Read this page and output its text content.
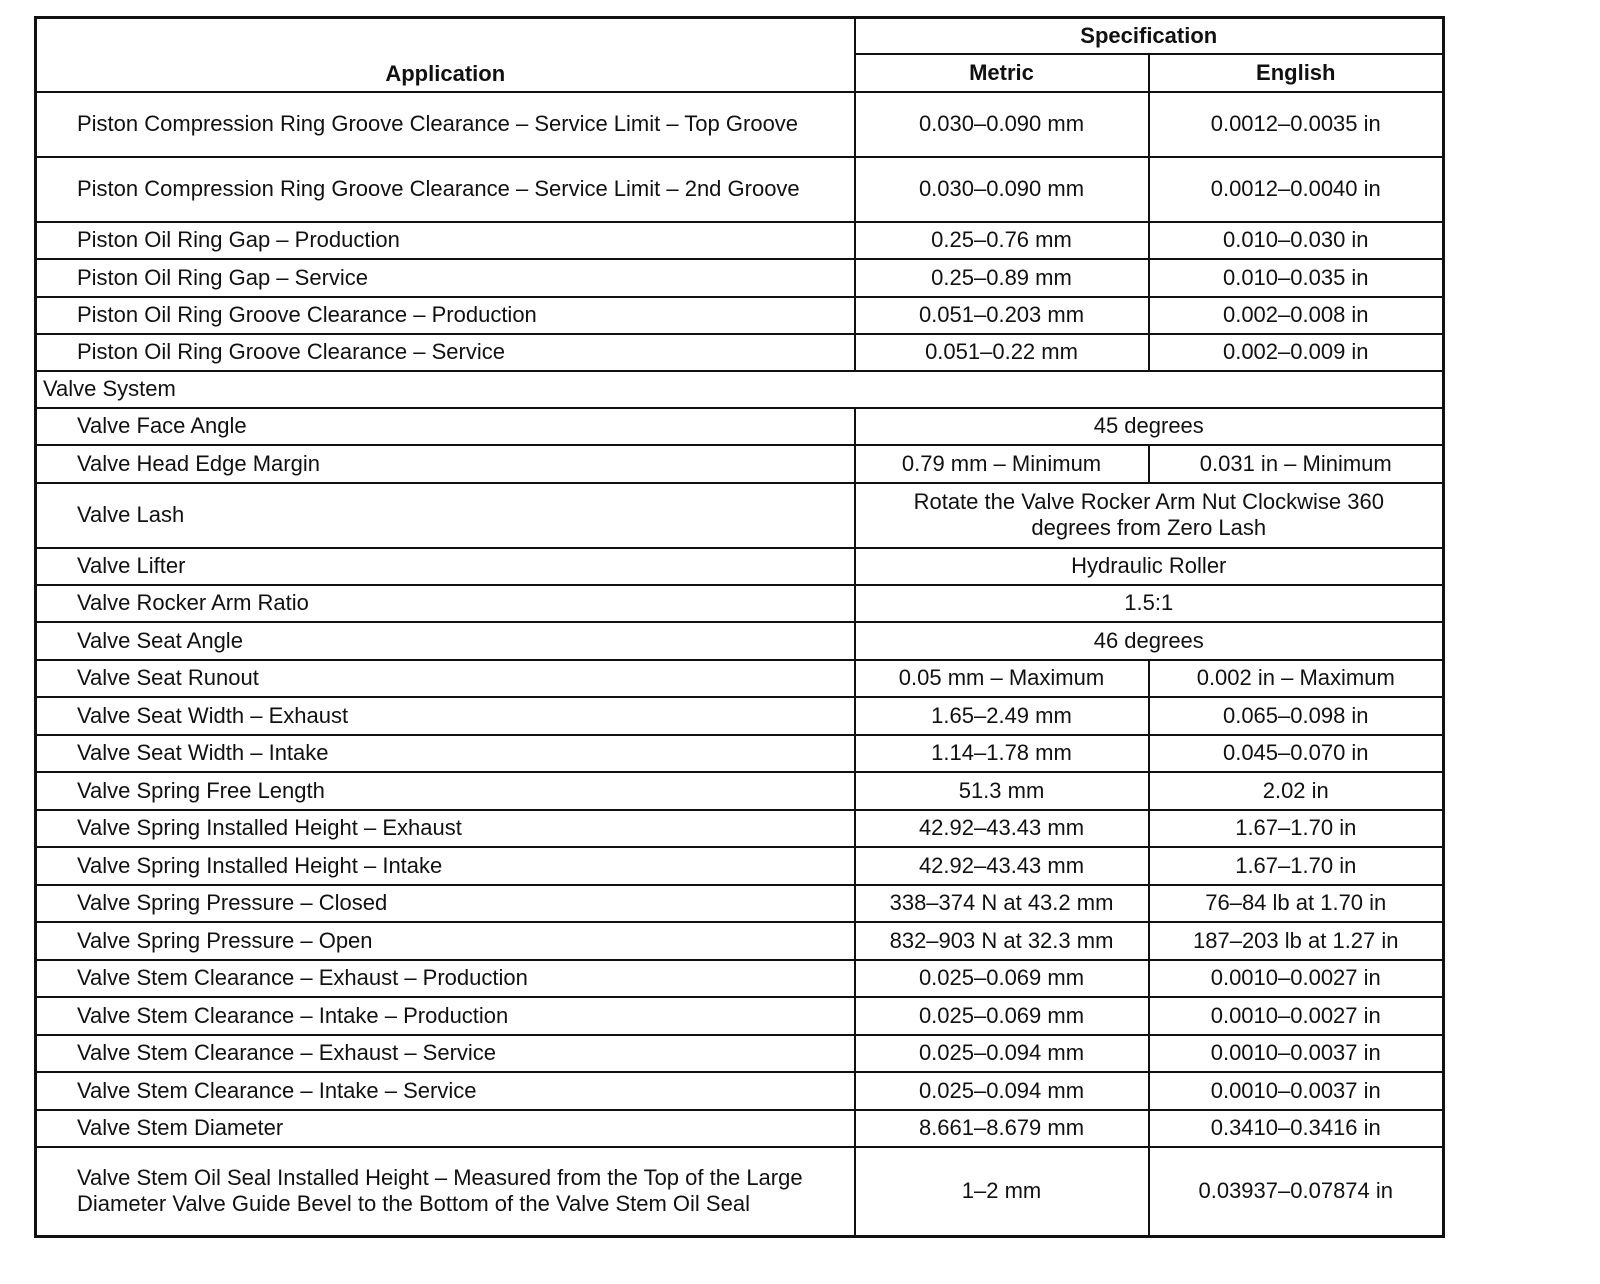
Application	Specification	
	Metric	English
Piston Compression Ring Groove Clearance – Service Limit – Top Groove	0.030–0.090 mm	0.0012–0.0035 in
Piston Compression Ring Groove Clearance – Service Limit – 2nd Groove	0.030–0.090 mm	0.0012–0.0040 in
Piston Oil Ring Gap – Production	0.25–0.76 mm	0.010–0.030 in
Piston Oil Ring Gap – Service	0.25–0.89 mm	0.010–0.035 in
Piston Oil Ring Groove Clearance – Production	0.051–0.203 mm	0.002–0.008 in
Piston Oil Ring Groove Clearance – Service	0.051–0.22 mm	0.002–0.009 in
Valve System		
Valve Face Angle	45 degrees	
Valve Head Edge Margin	0.79 mm – Minimum	0.031 in – Minimum
Valve Lash	Rotate the Valve Rocker Arm Nut Clockwise 360 degrees from Zero Lash	
Valve Lifter	Hydraulic Roller	
Valve Rocker Arm Ratio	1.5:1	
Valve Seat Angle	46 degrees	
Valve Seat Runout	0.05 mm – Maximum	0.002 in – Maximum
Valve Seat Width – Exhaust	1.65–2.49 mm	0.065–0.098 in
Valve Seat Width – Intake	1.14–1.78 mm	0.045–0.070 in
Valve Spring Free Length	51.3 mm	2.02 in
Valve Spring Installed Height – Exhaust	42.92–43.43 mm	1.67–1.70 in
Valve Spring Installed Height – Intake	42.92–43.43 mm	1.67–1.70 in
Valve Spring Pressure – Closed	338–374 N at 43.2 mm	76–84 lb at 1.70 in
Valve Spring Pressure – Open	832–903 N at 32.3 mm	187–203 lb at 1.27 in
Valve Stem Clearance – Exhaust – Production	0.025–0.069 mm	0.0010–0.0027 in
Valve Stem Clearance – Intake – Production	0.025–0.069 mm	0.0010–0.0027 in
Valve Stem Clearance – Exhaust – Service	0.025–0.094 mm	0.0010–0.0037 in
Valve Stem Clearance – Intake – Service	0.025–0.094 mm	0.0010–0.0037 in
Valve Stem Diameter	8.661–8.679 mm	0.3410–0.3416 in
Valve Stem Oil Seal Installed Height – Measured from the Top of the Large Diameter Valve Guide Bevel to the Bottom of the Valve Stem Oil Seal	1–2 mm	0.03937–0.07874 in
